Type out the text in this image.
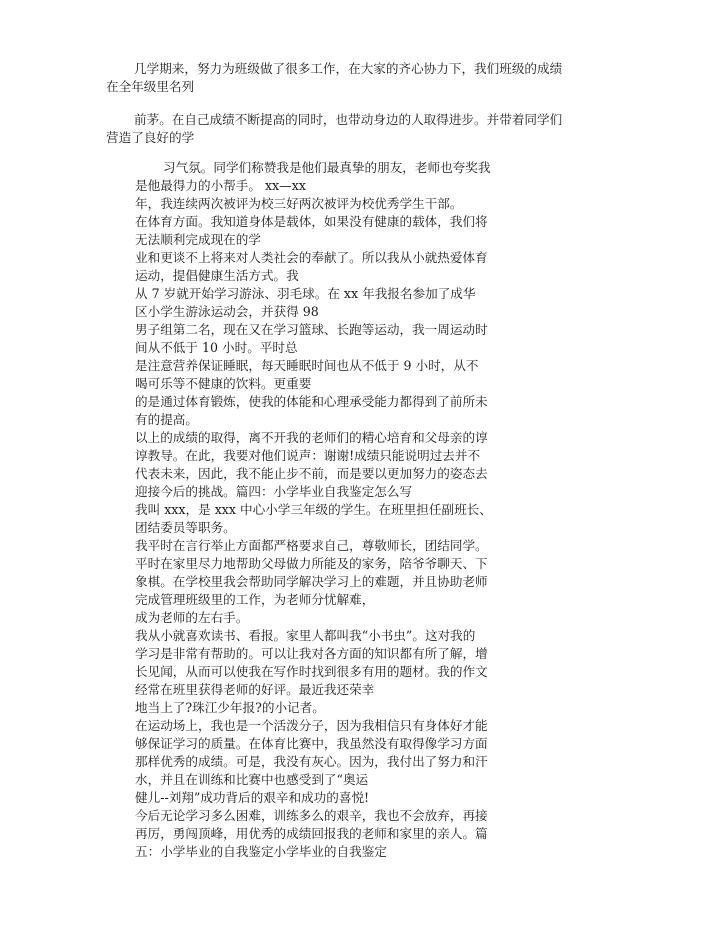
几学期来，努力为班级做了很多工作，在大家的齐心协力下，我们班级的成绩
在全年级里名列
前茅。在自己成绩不断提高的同时，也带动身边的人取得进步。并带着同学们
营造了良好的学
习气氛。同学们称赞我是他们最真挚的朋友，老师也夸奖我
是他最得力的小帮手。 xx—xx
年，我连续两次被评为校三好两次被评为校优秀学生干部。
在体育方面。我知道身体是载体，如果没有健康的载体，我们将
无法顺利完成现在的学
业和更谈不上将来对人类社会的奉献了。所以我从小就热爱体育
运动，提倡健康生活方式。我
从 7 岁就开始学习游泳、羽毛球。在 xx 年我报名参加了成华
区小学生游泳运动会，并获得 98
男子组第二名，现在又在学习篮球、长跑等运动，我一周运动时
间从不低于 10 小时。平时总
是注意营养保证睡眠，每天睡眠时间也从不低于 9 小时，从不
喝可乐等不健康的饮料。更重要
的是通过体育锻炼，使我的体能和心理承受能力都得到了前所未
有的提高。
以上的成绩的取得，离不开我的老师们的精心培育和父母亲的谆
谆教导。在此，我要对他们说声：谢谢!成绩只能说明过去并不
代表未来，因此，我不能止步不前，而是要以更加努力的姿态去
迎接今后的挑战。篇四：小学毕业自我鉴定怎么写
我叫 xxx，是 xxx 中心小学三年级的学生。在班里担任副班长、
团结委员等职务。
我平时在言行举止方面都严格要求自己，尊敬师长，团结同学。
平时在家里尽力地帮助父母做力所能及的家务，陪爷爷聊天、下
象棋。在学校里我会帮助同学解决学习上的难题，并且协助老师
完成管理班级里的工作，为老师分忧解难，
成为老师的左右手。
我从小就喜欢读书、看报。家里人都叫我“小书虫”。这对我的
学习是非常有帮助的。可以让我对各方面的知识都有所了解，增
长见闻，从而可以使我在写作时找到很多有用的题材。我的作文
经常在班里获得老师的好评。最近我还荣幸
地当上了?珠江少年报?的小记者。
在运动场上，我也是一个活泼分子，因为我相信只有身体好才能
够保证学习的质量。在体育比赛中，我虽然没有取得像学习方面
那样优秀的成绩。可是，我没有灰心。因为，我付出了努力和汗
水，并且在训练和比赛中也感受到了“奥运
健儿--刘翔”成功背后的艰辛和成功的喜悦!
今后无论学习多么困难，训练多么的艰辛，我也不会放弃，再接
再厉，勇闯顶峰，用优秀的成绩回报我的老师和家里的亲人。篇
五：小学毕业的自我鉴定小学毕业的自我鉴定
